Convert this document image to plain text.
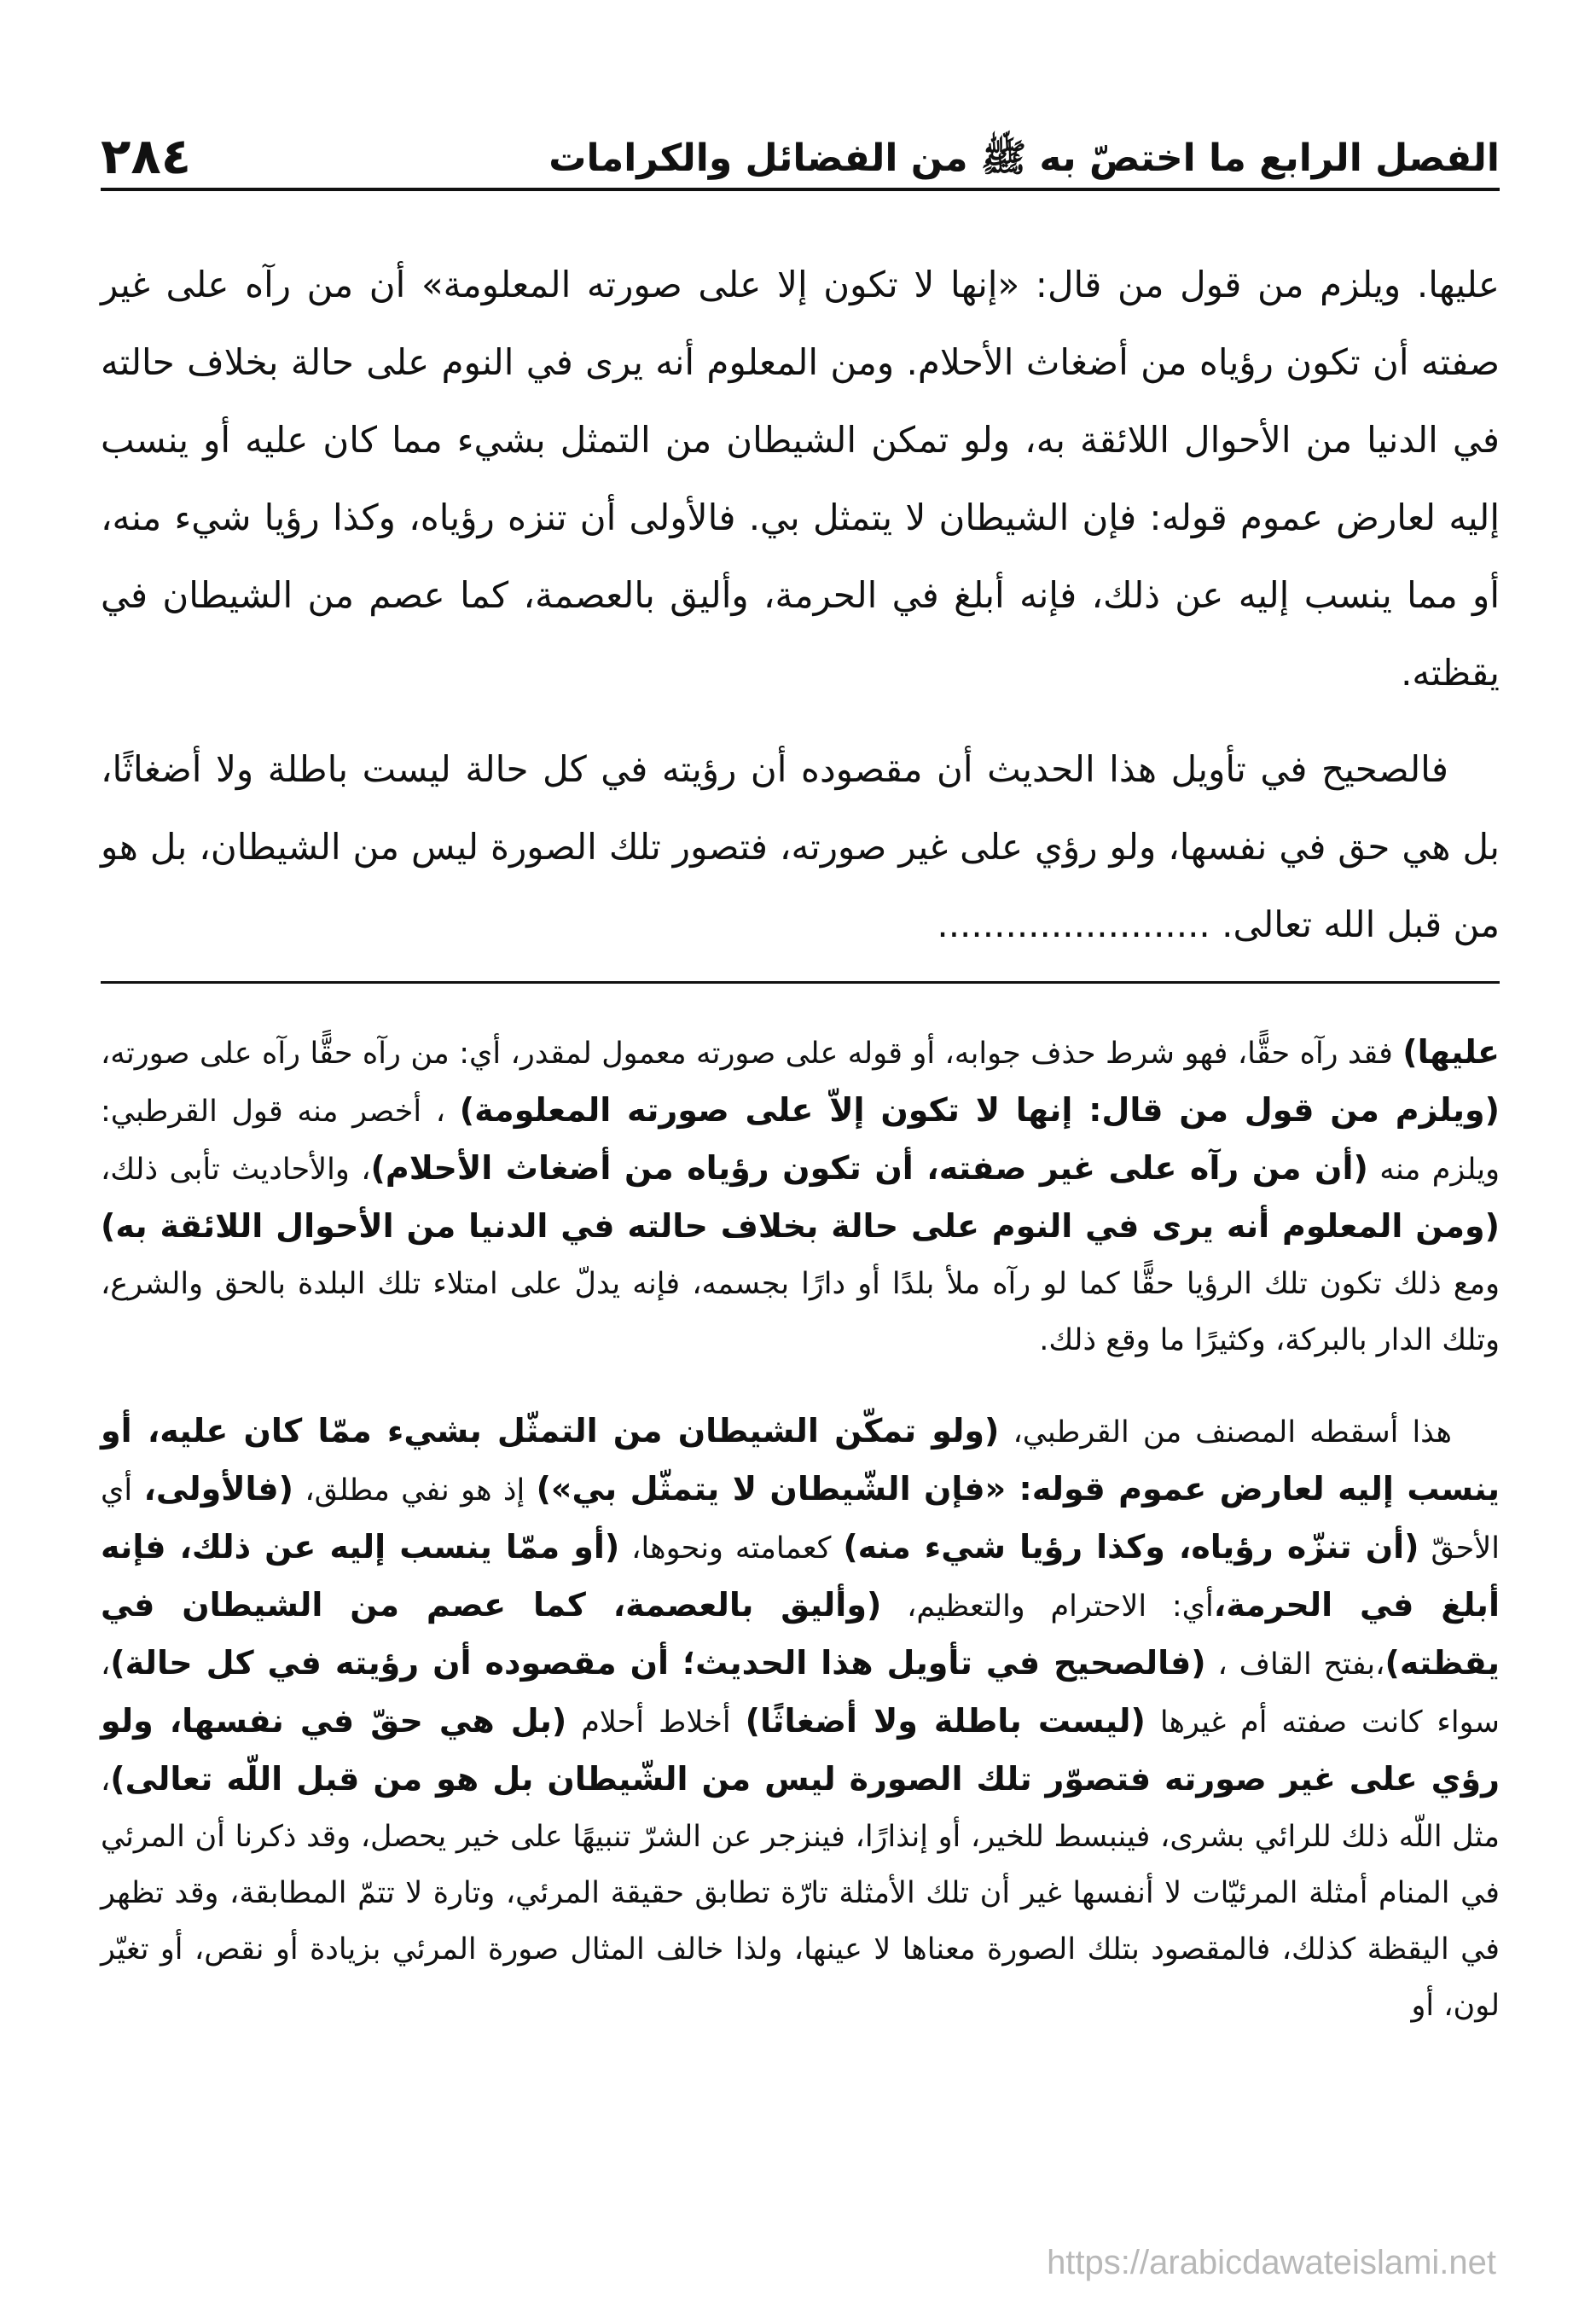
الفصل الرابع ما اختصّ به ﷺ من الفضائل والكرامات
٢٨٤

عليها. ويلزم من قول من قال: «إنها لا تكون إلا على صورته المعلومة» أن من رآه على غير صفته أن تكون رؤياه من أضغاث الأحلام. ومن المعلوم أنه يرى في النوم على حالة بخلاف حالته في الدنيا من الأحوال اللائقة به، ولو تمكن الشيطان من التمثل بشيء مما كان عليه أو ينسب إليه لعارض عموم قوله: فإن الشيطان لا يتمثل بي. فالأولى أن تنزه رؤياه، وكذا رؤيا شيء منه، أو مما ينسب إليه عن ذلك، فإنه أبلغ في الحرمة، وأليق بالعصمة، كما عصم من الشيطان في يقظته.

فالصحيح في تأويل هذا الحديث أن مقصوده أن رؤيته في كل حالة ليست باطلة ولا أضغاثًا، بل هي حق في نفسها، ولو رؤي على غير صورته، فتصور تلك الصورة ليس من الشيطان، بل هو من قبل الله تعالى. ........................

عليها) فقد رآه حقًّا، فهو شرط حذف جوابه، أو قوله على صورته معمول لمقدر، أي: من رآه حقًّا رآه على صورته، (ويلزم من قول من قال: إنها لا تكون إلاّ على صورته المعلومة) ، أخصر منه قول القرطبي: ويلزم منه (أن من رآه على غير صفته، أن تكون رؤياه من أضغاث الأحلام)، والأحاديث تأبى ذلك، (ومن المعلوم أنه يرى في النوم على حالة بخلاف حالته في الدنيا من الأحوال اللائقة به) ومع ذلك تكون تلك الرؤيا حقًّا كما لو رآه ملأ بلدًا أو دارًا بجسمه، فإنه يدلّ على امتلاء تلك البلدة بالحق والشرع، وتلك الدار بالبركة، وكثيرًا ما وقع ذلك.

هذا أسقطه المصنف من القرطبي، (ولو تمكّن الشيطان من التمثّل بشيء ممّا كان عليه، أو ينسب إليه لعارض عموم قوله: «فإن الشّيطان لا يتمثّل بي») إذ هو نفي مطلق، (فالأولى، أي الأحقّ (أن تنزّه رؤياه، وكذا رؤيا شيء منه) كعمامته ونحوها، (أو ممّا ينسب إليه عن ذلك، فإنه أبلغ في الحرمة،أي: الاحترام والتعظيم، (وأليق بالعصمة، كما عصم من الشيطان في يقظته)،بفتح القاف ، (فالصحيح في تأويل هذا الحديث؛ أن مقصوده أن رؤيته في كل حالة)، سواء كانت صفته أم غيرها (ليست باطلة ولا أضغاثًا) أخلاط أحلام (بل هي حقّ في نفسها، ولو رؤي على غير صورته فتصوّر تلك الصورة ليس من الشّيطان بل هو من قبل اللّه تعالى)، مثل اللّه ذلك للرائي بشرى، فينبسط للخير، أو إنذارًا، فينزجر عن الشرّ تنبيهًا على خير يحصل، وقد ذكرنا أن المرئي في المنام أمثلة المرئيّات لا أنفسها غير أن تلك الأمثلة تارّة تطابق حقيقة المرئي، وتارة لا تتمّ المطابقة، وقد تظهر في اليقظة كذلك، فالمقصود بتلك الصورة معناها لا عينها، ولذا خالف المثال صورة المرئي بزيادة أو نقص، أو تغيّر لون، أو

https://arabicdawateislami.net
